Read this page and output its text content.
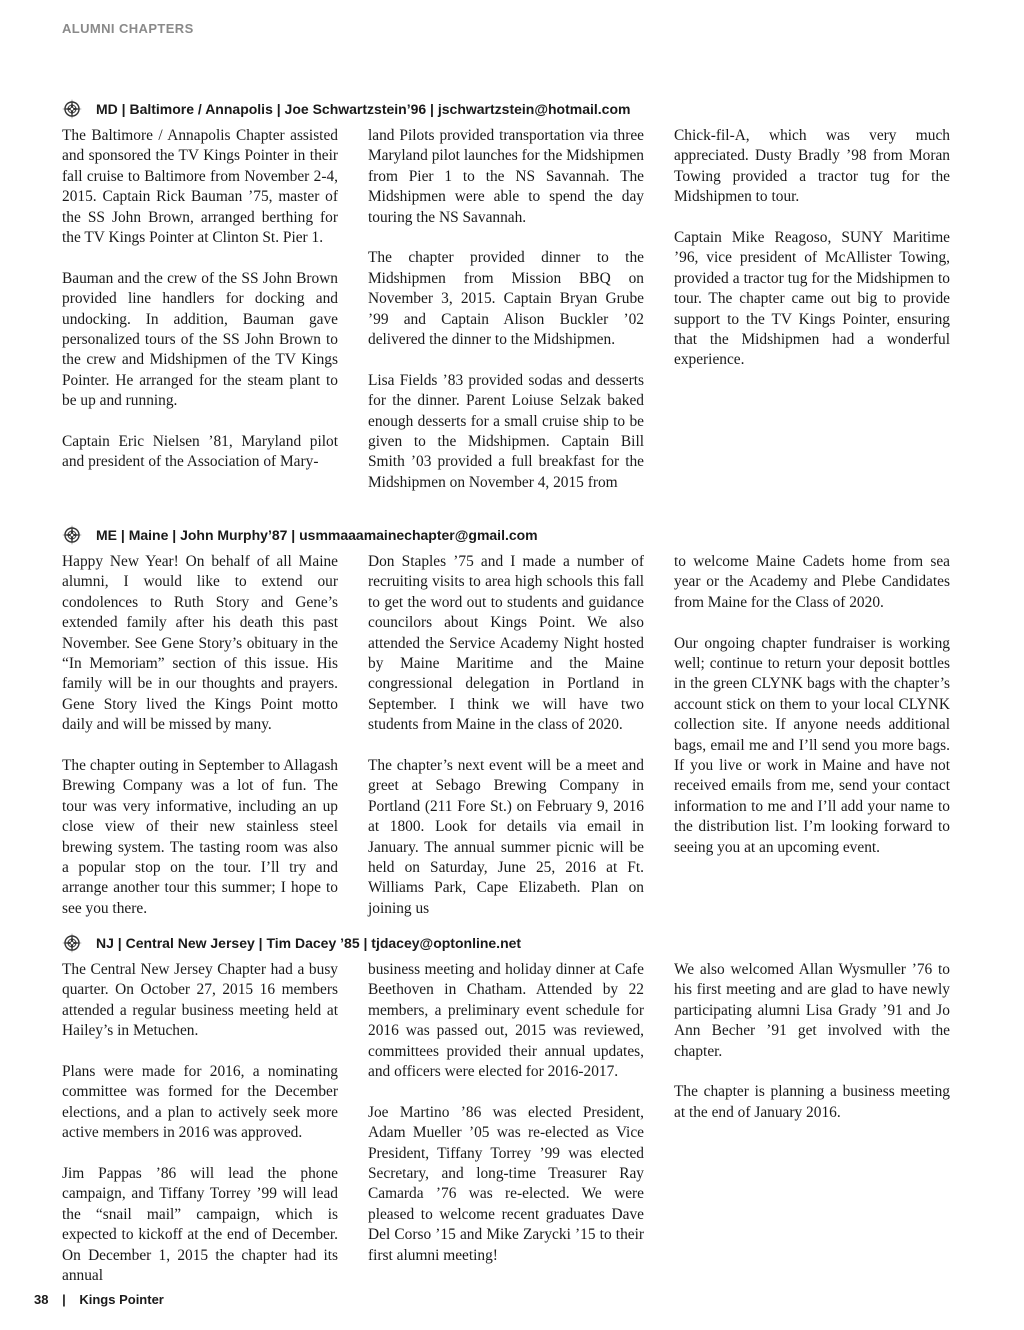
ALUMNI CHAPTERS
MD | Baltimore / Annapolis | Joe Schwartzstein’96 | jschwartzstein@hotmail.com

The Baltimore / Annapolis Chapter assisted and sponsored the TV Kings Pointer in their fall cruise to Baltimore from November 2-4, 2015. Captain Rick Bauman ’75, master of the SS John Brown, arranged berthing for the TV Kings Pointer at Clinton St. Pier 1.

Bauman and the crew of the SS John Brown provided line handlers for docking and undocking. In addition, Bauman gave personalized tours of the SS John Brown to the crew and Midshipmen of the TV Kings Pointer. He arranged for the steam plant to be up and running.

Captain Eric Nielsen ’81, Maryland pilot and president of the Association of Mary-

land Pilots provided transportation via three Maryland pilot launches for the Midshipmen from Pier 1 to the NS Savannah. The Midshipmen were able to spend the day touring the NS Savannah.

The chapter provided dinner to the Midshipmen from Mission BBQ on November 3, 2015. Captain Bryan Grube ’99 and Captain Alison Buckler ’02 delivered the dinner to the Midshipmen.

Lisa Fields ’83 provided sodas and desserts for the dinner. Parent Loiuse Selzak baked enough desserts for a small cruise ship to be given to the Midshipmen. Captain Bill Smith ’03 provided a full breakfast for the Midshipmen on November 4, 2015 from

Chick-fil-A, which was very much appreciated. Dusty Bradly ’98 from Moran Towing provided a tractor tug for the Midshipmen to tour.

Captain Mike Reagoso, SUNY Maritime ’96, vice president of McAllister Towing, provided a tractor tug for the Midshipmen to tour. The chapter came out big to provide support to the TV Kings Pointer, ensuring that the Midshipmen had a wonderful experience.

ME | Maine | John Murphy’87 | usmmaaamainechapter@gmail.com

Happy New Year! On behalf of all Maine alumni, I would like to extend our condolences to Ruth Story and Gene’s extended family after his death this past November. See Gene Story’s obituary in the “In Memoriam” section of this issue. His family will be in our thoughts and prayers. Gene Story lived the Kings Point motto daily and will be missed by many.

The chapter outing in September to Allagash Brewing Company was a lot of fun. The tour was very informative, including an up close view of their new stainless steel brewing system. The tasting room was also a popular stop on the tour. I’ll try and arrange another tour this summer; I hope to see you there.

Don Staples ’75 and I made a number of recruiting visits to area high schools this fall to get the word out to students and guidance councilors about Kings Point. We also attended the Service Academy Night hosted by Maine Maritime and the Maine congressional delegation in Portland in September. I think we will have two students from Maine in the class of 2020.

The chapter’s next event will be a meet and greet at Sebago Brewing Company in Portland (211 Fore St.) on February 9, 2016 at 1800. Look for details via email in January. The annual summer picnic will be held on Saturday, June 25, 2016 at Ft. Williams Park, Cape Elizabeth. Plan on joining us

to welcome Maine Cadets home from sea year or the Academy and Plebe Candidates from Maine for the Class of 2020.

Our ongoing chapter fundraiser is working well; continue to return your deposit bottles in the green CLYNK bags with the chapter’s account stick on them to your local CLYNK collection site. If anyone needs additional bags, email me and I’ll send you more bags. If you live or work in Maine and have not received emails from me, send your contact information to me and I’ll add your name to the distribution list. I’m looking forward to seeing you at an upcoming event.

NJ | Central New Jersey | Tim Dacey ’85 | tjdacey@optonline.net

The Central New Jersey Chapter had a busy quarter. On October 27, 2015 16 members attended a regular business meeting held at Hailey’s in Metuchen.

Plans were made for 2016, a nominating committee was formed for the December elections, and a plan to actively seek more active members in 2016 was approved.

Jim Pappas ’86 will lead the phone campaign, and Tiffany Torrey ’99 will lead the “snail mail” campaign, which is expected to kickoff at the end of December. On December 1, 2015 the chapter had its annual

business meeting and holiday dinner at Cafe Beethoven in Chatham. Attended by 22 members, a preliminary event schedule for 2016 was passed out, 2015 was reviewed, committees provided their annual updates, and officers were elected for 2016-2017.

Joe Martino ’86 was elected President, Adam Mueller ’05 was re-elected as Vice President, Tiffany Torrey ’99 was elected Secretary, and long-time Treasurer Ray Camarda ’76 was re-elected. We were pleased to welcome recent graduates Dave Del Corso ’15 and Mike Zarycki ’15 to their first alumni meeting!

We also welcomed Allan Wysmuller ’76 to his first meeting and are glad to have newly participating alumni Lisa Grady ’91 and Jo Ann Becher ’91 get involved with the chapter.

The chapter is planning a business meeting at the end of January 2016.

38 | Kings Pointer
